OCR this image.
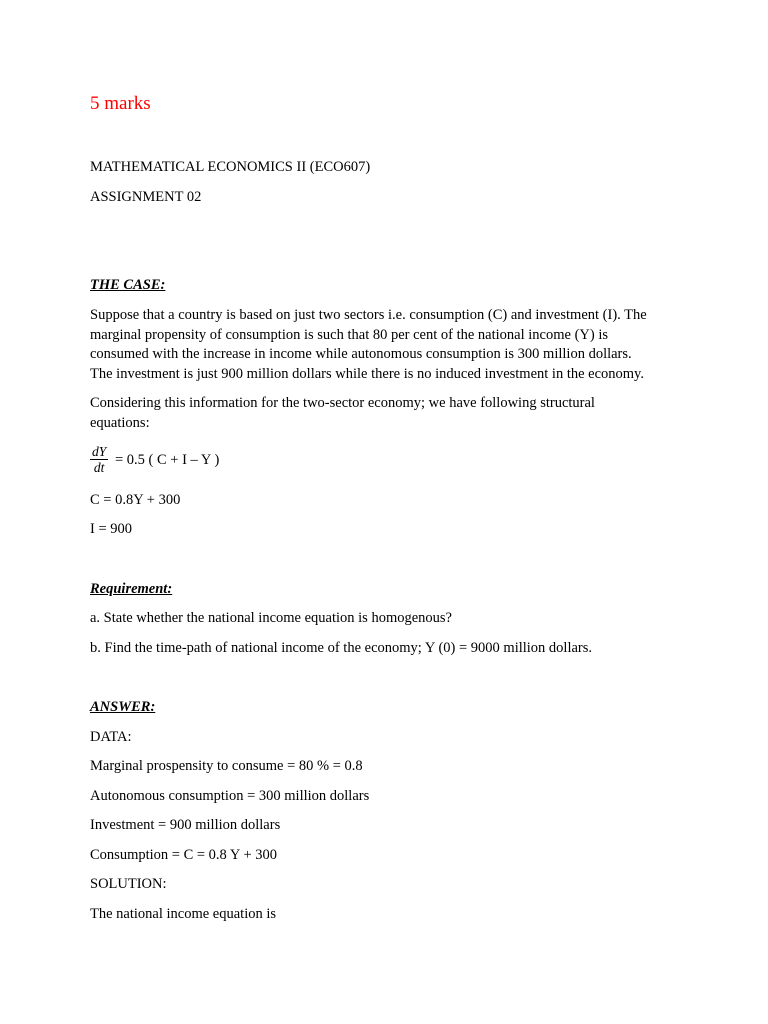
5 marks
MATHEMATICAL ECONOMICS II (ECO607)
ASSIGNMENT 02
THE CASE:
Suppose that a country is based on just two sectors i.e. consumption (C) and investment (I). The
marginal propensity of consumption is such that 80 per cent of the national income (Y) is
consumed with the increase in income while autonomous consumption is 300 million dollars.
The investment is just 900 million dollars while there is no induced investment in the economy.
Considering this information for the two-sector economy; we have following structural
equations:
$\frac{dY}{dt} = 0.5$ ( C + I – Y )
C = 0.8Y + 300
I = 900
Requirement:
a. State whether the national income equation is homogenous?
b. Find the time-path of national income of the economy; Y (0) = 9000 million dollars.
ANSWER:
DATA:
Marginal prospensity to consume = 80 % = 0.8
Autonomous consumption = 300 million dollars
Investment = 900 million dollars
Consumption = C = 0.8 Y + 300
SOLUTION:
The national income equation is
